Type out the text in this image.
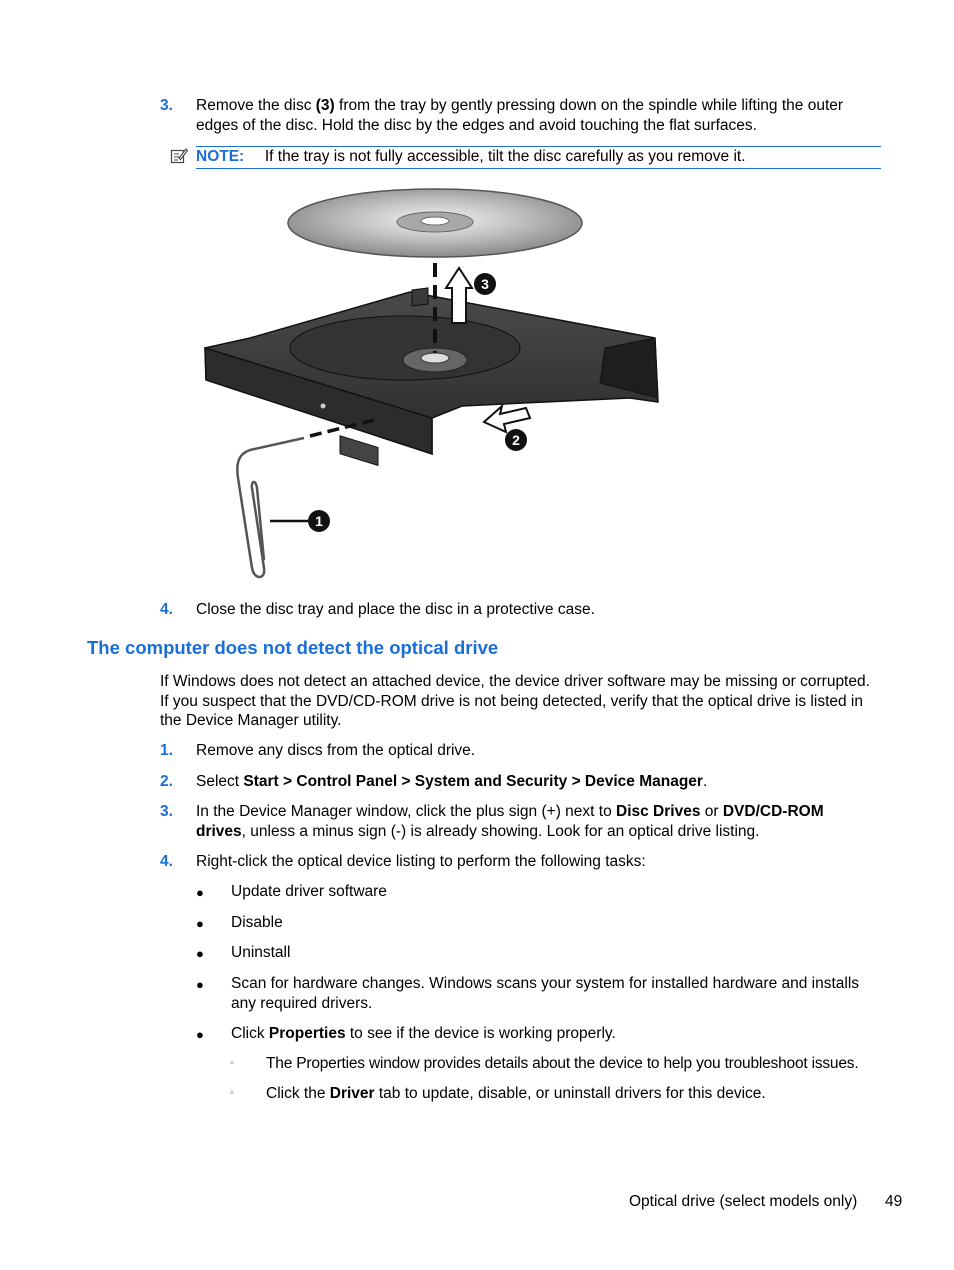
3. Remove the disc (3) from the tray by gently pressing down on the spindle while lifting the outer
edges of the disc. Hold the disc by the edges and avoid touching the flat surfaces.
NOTE: If the tray is not fully accessible, tilt the disc carefully as you remove it.
3
2
1
4. Close the disc tray and place the disc in a protective case.
The computer does not detect the optical drive
If Windows does not detect an attached device, the device driver software may be missing or corrupted.
If you suspect that the DVD/CD-ROM drive is not being detected, verify that the optical drive is listed in
the Device Manager utility.
1. Remove any discs from the optical drive.
2. Select Start > Control Panel > System and Security > Device Manager.
3. In the Device Manager window, click the plus sign (+) next to Disc Drives or DVD/CD-ROM
drives, unless a minus sign (-) is already showing. Look for an optical drive listing.
4. Right-click the optical device listing to perform the following tasks:
● Update driver software
● Disable
● Uninstall
● Scan for hardware changes. Windows scans your system for installed hardware and installs
any required drivers.
● Click Properties to see if the device is working properly.
◦ The Properties window provides details about the device to help you troubleshoot issues.
◦ Click the Driver tab to update, disable, or uninstall drivers for this device.
Optical drive (select models only) 49
